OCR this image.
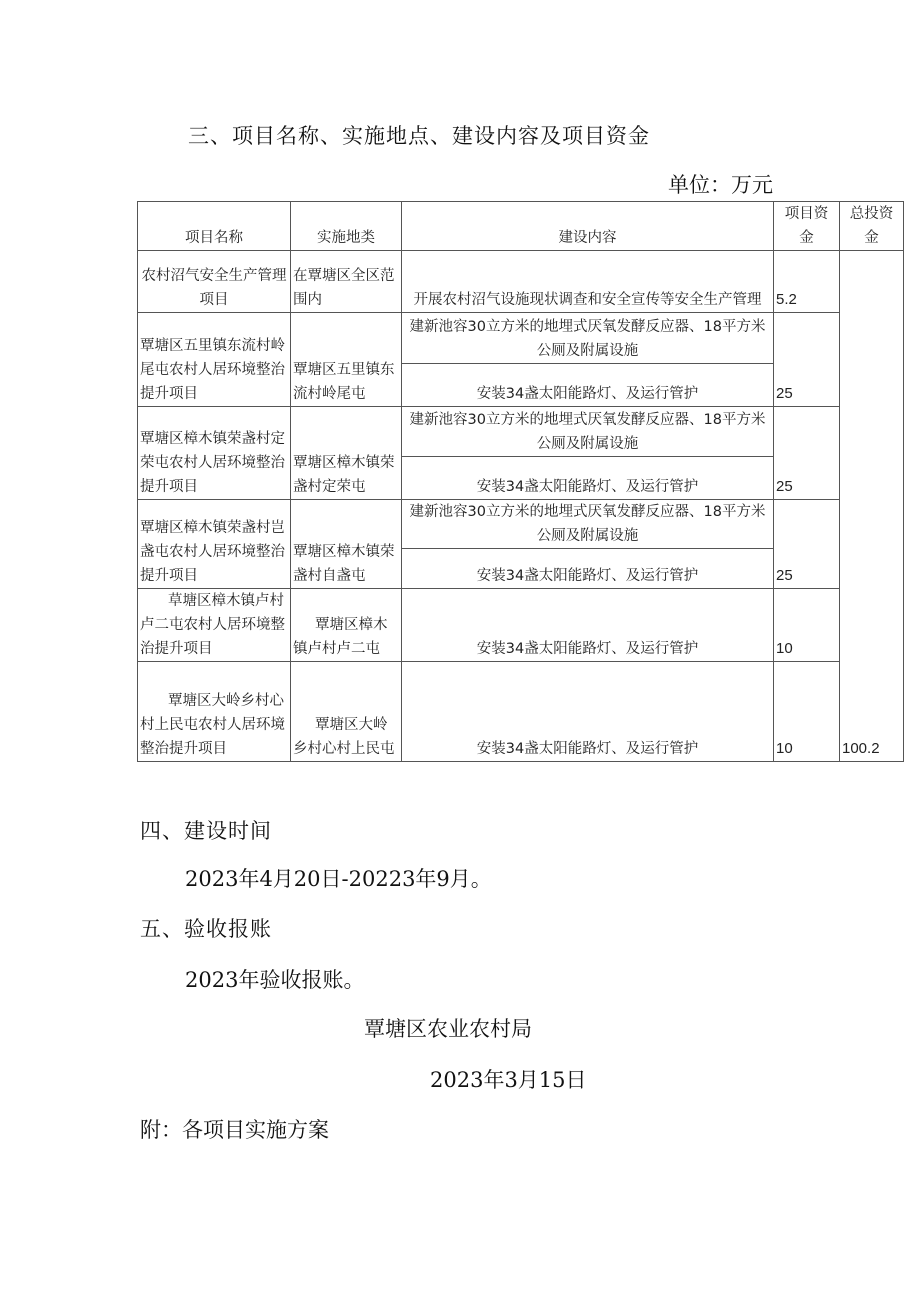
三、项目名称、实施地点、建设内容及项目资金
单位：万元
项目名称	实施地类	建设内容	项目资金	总投资金
农村沼气安全生产管理项目	在覃塘区全区范围内	开展农村沼气设施现状调查和安全宣传等安全生产管理	5.2	100.2
覃塘区五里镇东流村岭尾屯农村人居环境整治提升项目	覃塘区五里镇东流村岭尾屯	建新池容30立方米的地埋式厌氧发酵反应器、18平方米公厕及附属设施	25	
		安装34盏太阳能路灯、及运行管护		
覃塘区樟木镇荣盏村定荣屯农村人居环境整治提升项目	覃塘区樟木镇荣盏村定荣屯	建新池容30立方米的地埋式厌氧发酵反应器、18平方米公厕及附属设施	25	
		安装34盏太阳能路灯、及运行管护		
覃塘区樟木镇荣盏村岂盏屯农村人居环境整治提升项目	覃塘区樟木镇荣盏村自盏屯	建新池容30立方米的地埋式厌氧发酵反应器、18平方米公厕及附属设施	25	
		安装34盏太阳能路灯、及运行管护		
草塘区樟木镇卢村卢二屯农村人居环境整治提升项目	覃塘区樟木镇卢村卢二屯	安装34盏太阳能路灯、及运行管护	10	
覃塘区大岭乡村心村上民屯农村人居环境整治提升项目	覃塘区大岭乡村心村上民屯	安装34盏太阳能路灯、及运行管护	10	
四、建设时间
2023年4月20日-20223年9月。
五、验收报账
2023年验收报账。
覃塘区农业农村局
2023年3月15日
附：各项目实施方案
